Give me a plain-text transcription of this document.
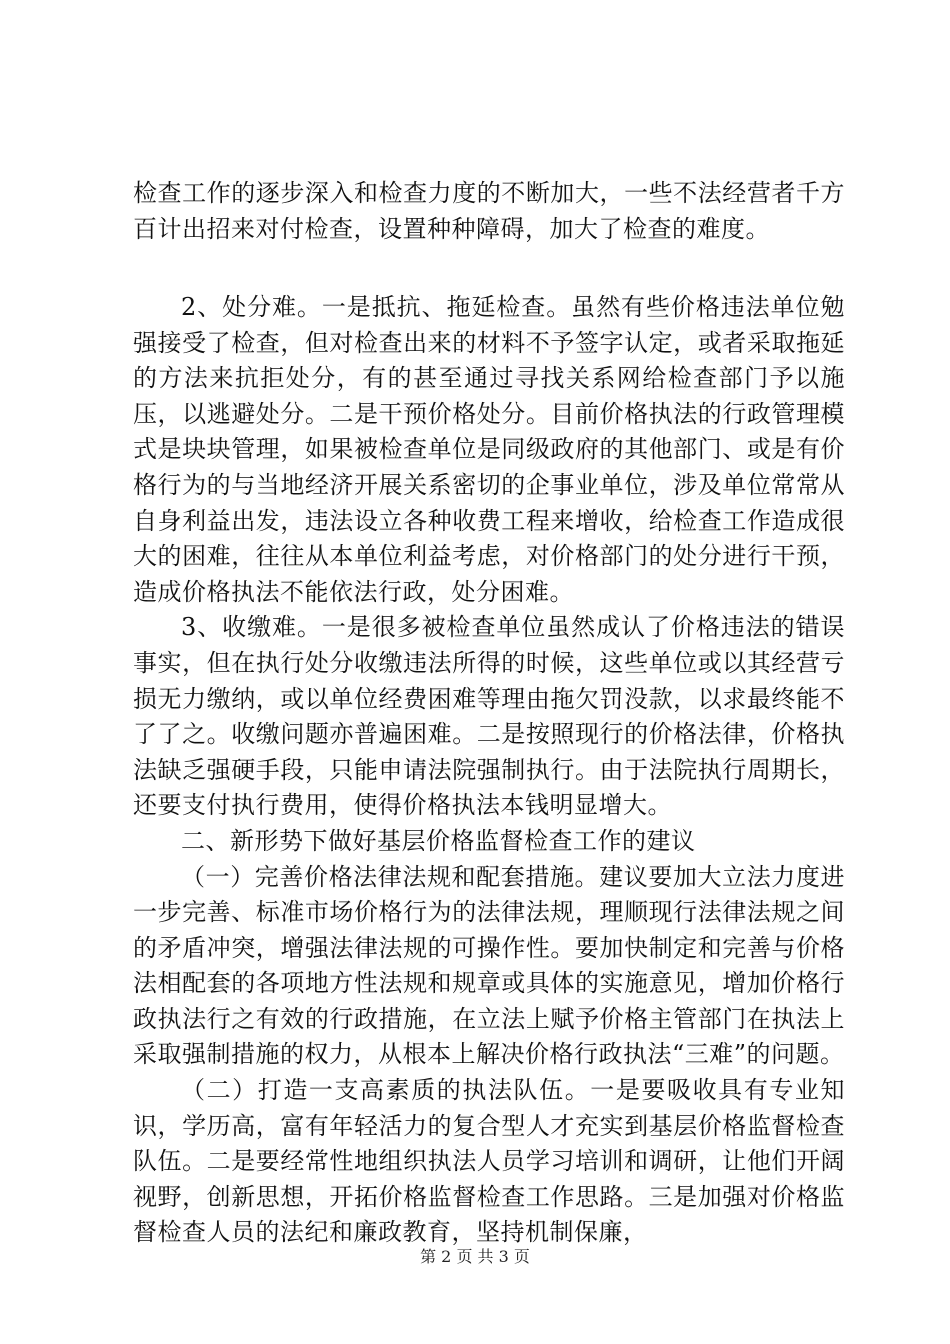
检查工作的逐步深入和检查力度的不断加大，一些不法经营者千方百计出招来对付检查，设置种种障碍，加大了检查的难度。

2、处分难。一是抵抗、拖延检查。虽然有些价格违法单位勉强接受了检查，但对检查出来的材料不予签字认定，或者采取拖延的方法来抗拒处分，有的甚至通过寻找关系网给检查部门予以施压，以逃避处分。二是干预价格处分。目前价格执法的行政管理模式是块块管理，如果被检查单位是同级政府的其他部门、或是有价格行为的与当地经济开展关系密切的企事业单位，涉及单位常常从自身利益出发，违法设立各种收费工程来增收，给检查工作造成很大的困难，往往从本单位利益考虑，对价格部门的处分进行干预，造成价格执法不能依法行政，处分困难。

3、收缴难。一是很多被检查单位虽然成认了价格违法的错误事实，但在执行处分收缴违法所得的时候，这些单位或以其经营亏损无力缴纳，或以单位经费困难等理由拖欠罚没款，以求最终能不了了之。收缴问题亦普遍困难。二是按照现行的价格法律，价格执法缺乏强硬手段，只能申请法院强制执行。由于法院执行周期长，还要支付执行费用，使得价格执法本钱明显增大。

二、新形势下做好基层价格监督检查工作的建议

（一）完善价格法律法规和配套措施。建议要加大立法力度进一步完善、标准市场价格行为的法律法规，理顺现行法律法规之间的矛盾冲突，增强法律法规的可操作性。要加快制定和完善与价格法相配套的各项地方性法规和规章或具体的实施意见，增加价格行政执法行之有效的行政措施，在立法上赋予价格主管部门在执法上采取强制措施的权力，从根本上解决价格行政执法“三难”的问题。

（二）打造一支高素质的执法队伍。一是要吸收具有专业知识，学历高，富有年轻活力的复合型人才充实到基层价格监督检查队伍。二是要经常性地组织执法人员学习培训和调研，让他们开阔视野，创新思想，开拓价格监督检查工作思路。三是加强对价格监督检查人员的法纪和廉政教育，坚持机制保廉，

第 2 页 共 3 页
